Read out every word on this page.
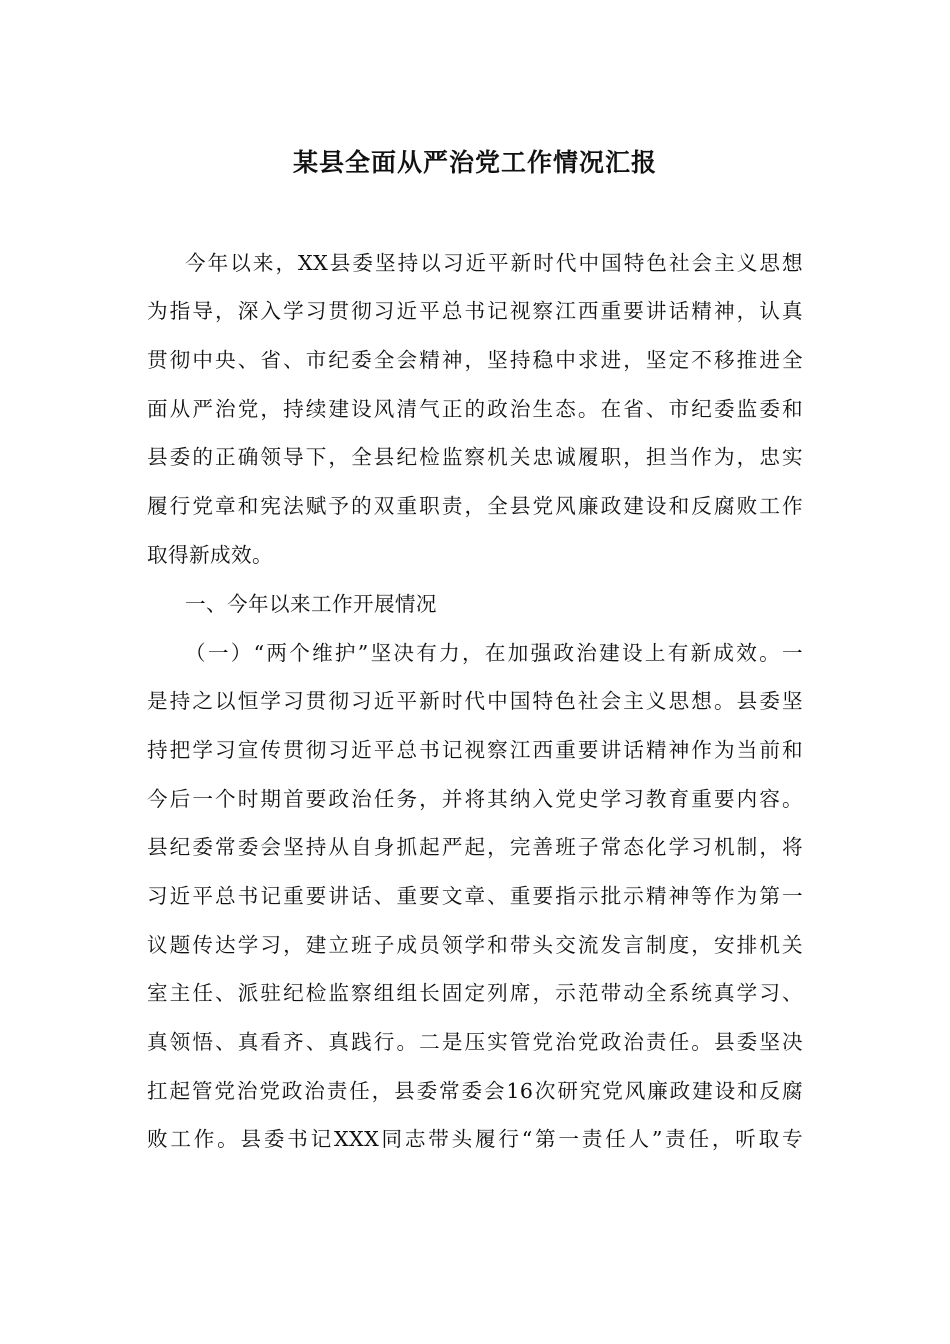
某县全面从严治党工作情况汇报
今年以来，XX县委坚持以习近平新时代中国特色社会主义思想
为指导，深入学习贯彻习近平总书记视察江西重要讲话精神，认真
贯彻中央、省、市纪委全会精神，坚持稳中求进，坚定不移推进全
面从严治党，持续建设风清气正的政治生态。在省、市纪委监委和
县委的正确领导下，全县纪检监察机关忠诚履职，担当作为，忠实
履行党章和宪法赋予的双重职责，全县党风廉政建设和反腐败工作
取得新成效。
一、今年以来工作开展情况
（一）“两个维护”坚决有力，在加强政治建设上有新成效。一
是持之以恒学习贯彻习近平新时代中国特色社会主义思想。县委坚
持把学习宣传贯彻习近平总书记视察江西重要讲话精神作为当前和
今后一个时期首要政治任务，并将其纳入党史学习教育重要内容。
县纪委常委会坚持从自身抓起严起，完善班子常态化学习机制，将
习近平总书记重要讲话、重要文章、重要指示批示精神等作为第一
议题传达学习，建立班子成员领学和带头交流发言制度，安排机关
室主任、派驻纪检监察组组长固定列席，示范带动全系统真学习、
真领悟、真看齐、真践行。二是压实管党治党政治责任。县委坚决
扛起管党治党政治责任，县委常委会16次研究党风廉政建设和反腐
败工作。县委书记XXX同志带头履行“第一责任人”责任，听取专
